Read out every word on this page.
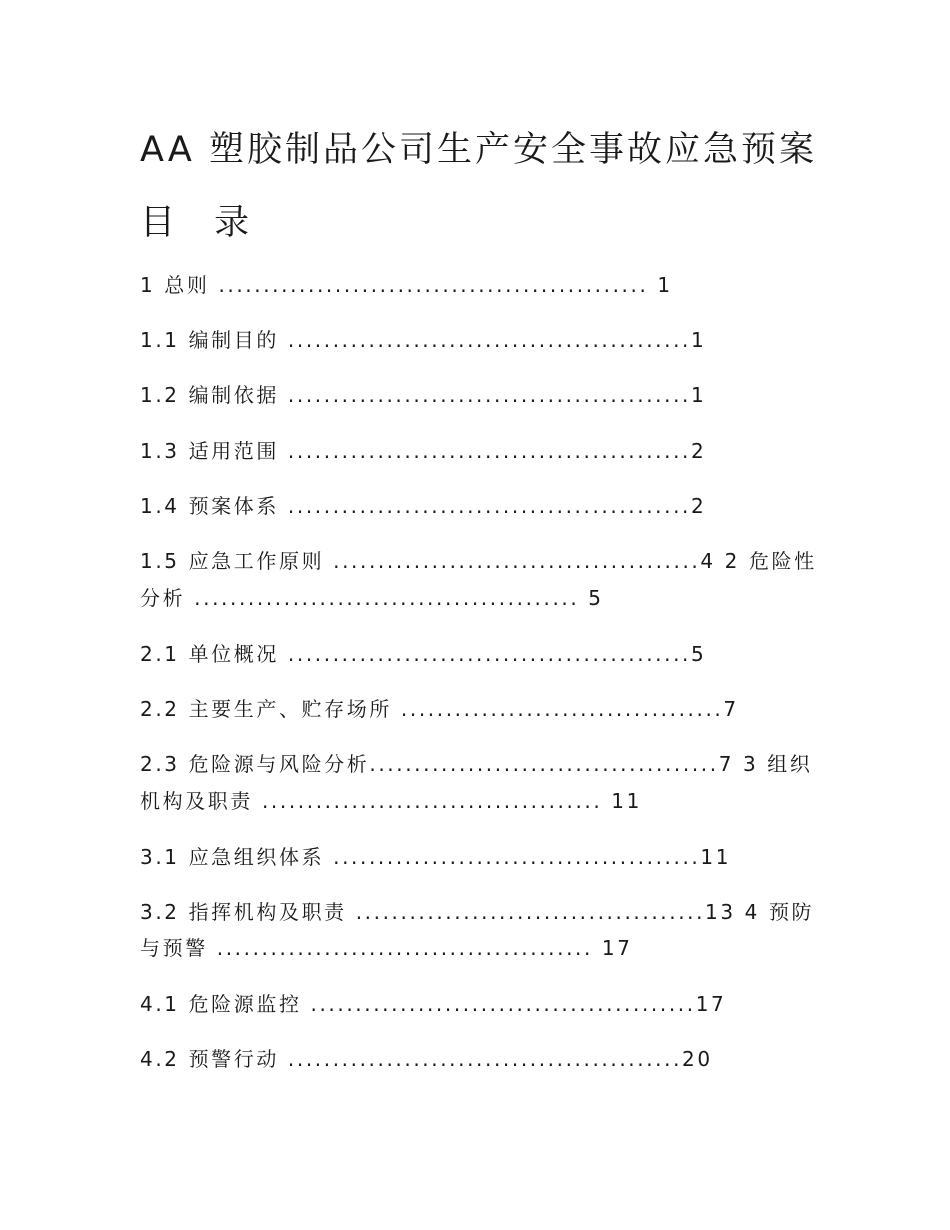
AA 塑胶制品公司生产安全事故应急预案
目 录

1 总则 ................................................ 1

1.1 编制目的 .............................................1

1.2 编制依据 .............................................1

1.3 适用范围 .............................................2

1.4 预案体系 .............................................2

1.5 应急工作原则 .........................................4 2 危险性

分析 ........................................... 5

2.1 单位概况 .............................................5

2.2 主要生产、贮存场所 ....................................7

2.3 危险源与风险分析.......................................7 3 组织

机构及职责 ...................................... 11

3.1 应急组织体系 .........................................11

3.2 指挥机构及职责 .......................................13 4 预防

与预警 .......................................... 17

4.1 危险源监控 ...........................................17

4.2 预警行动 ............................................20
